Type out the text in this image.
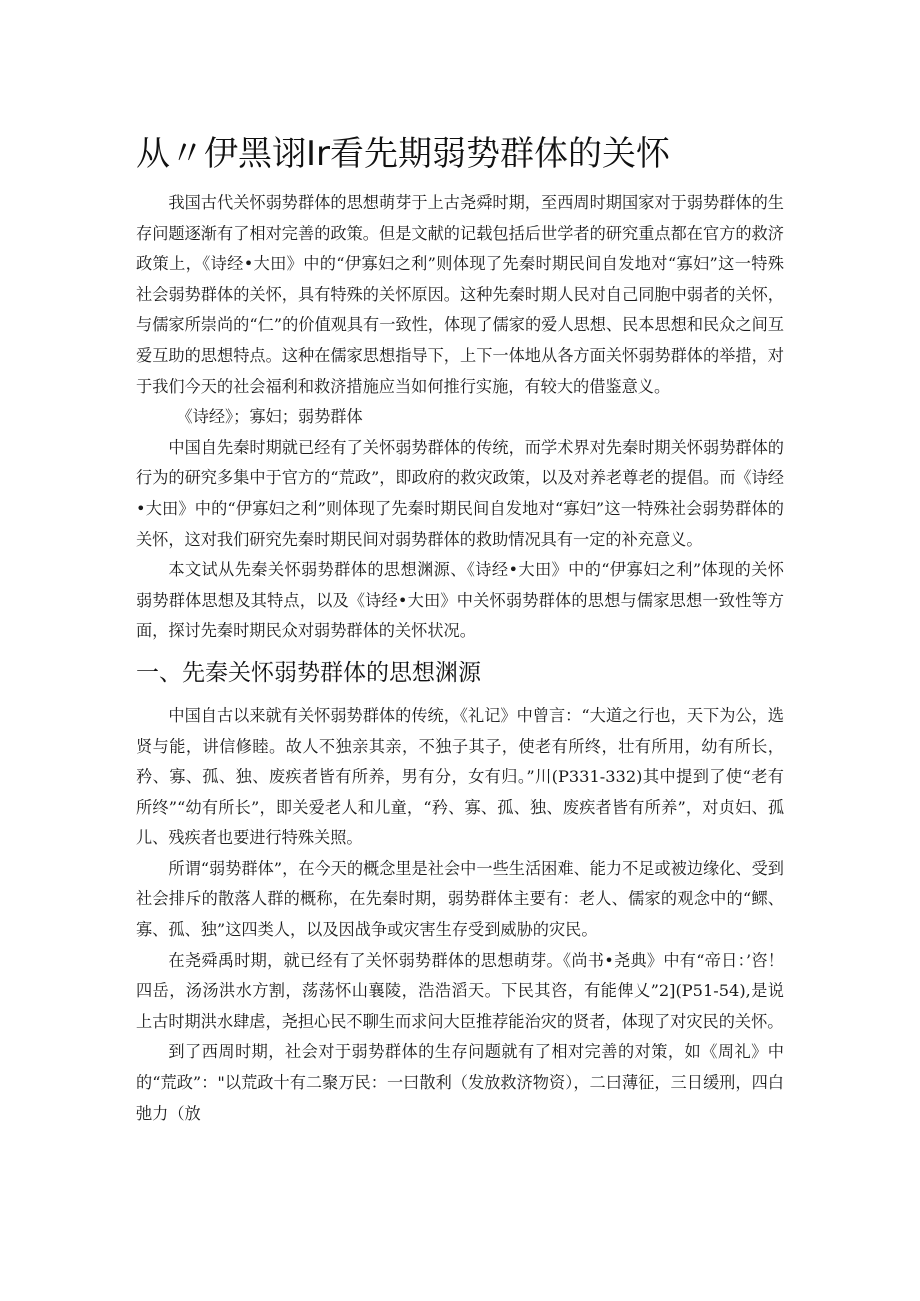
从〃伊黑诩Ir看先期弱势群体的关怀

我国古代关怀弱势群体的思想萌芽于上古尧舜时期，至西周时期国家对于弱势群体的生存问题逐渐有了相对完善的政策。但是文献的记载包括后世学者的研究重点都在官方的救济政策上，《诗经•大田》中的“伊寡妇之利”则体现了先秦时期民间自发地对“寡妇”这一特殊社会弱势群体的关怀，具有特殊的关怀原因。这种先秦时期人民对自己同胞中弱者的关怀，与儒家所崇尚的“仁”的价值观具有一致性，体现了儒家的爱人思想、民本思想和民众之间互爱互助的思想特点。这种在儒家思想指导下，上下一体地从各方面关怀弱势群体的举措，对于我们今天的社会福利和救济措施应当如何推行实施，有较大的借鉴意义。

《诗经》；寡妇；弱势群体

中国自先秦时期就已经有了关怀弱势群体的传统，而学术界对先秦时期关怀弱势群体的行为的研究多集中于官方的“荒政”，即政府的救灾政策，以及对养老尊老的提倡。而《诗经•大田》中的“伊寡妇之利”则体现了先秦时期民间自发地对“寡妇”这一特殊社会弱势群体的关怀，这对我们研究先秦时期民间对弱势群体的救助情况具有一定的补充意义。

本文试从先秦关怀弱势群体的思想渊源、《诗经•大田》中的“伊寡妇之利”体现的关怀弱势群体思想及其特点，以及《诗经•大田》中关怀弱势群体的思想与儒家思想一致性等方面，探讨先秦时期民众对弱势群体的关怀状况。

一、先秦关怀弱势群体的思想渊源

中国自古以来就有关怀弱势群体的传统，《礼记》中曾言：“大道之行也，天下为公，选贤与能，讲信修睦。故人不独亲其亲，不独子其子，使老有所终，壮有所用，幼有所长，矜、寡、孤、独、废疾者皆有所养，男有分，女有归。”川(P331-332)其中提到了使“老有所终”“幼有所长”，即关爱老人和儿童，“矜、寡、孤、独、废疾者皆有所养”，对贞妇、孤儿、残疾者也要进行特殊关照。

所谓“弱势群体”，在今天的概念里是社会中一些生活困难、能力不足或被边缘化、受到社会排斥的散落人群的概称，在先秦时期，弱势群体主要有：老人、儒家的观念中的“鳏、寡、孤、独”这四类人，以及因战争或灾害生存受到威胁的灾民。

在尧舜禹时期，就已经有了关怀弱势群体的思想萌芽。《尚书•尧典》中有“帝日：’咨！四岳，汤汤洪水方割，荡荡怀山襄陵，浩浩滔天。下民其咨，有能俾乂”2](P51-54),是说上古时期洪水肆虐，尧担心民不聊生而求问大臣推荐能治灾的贤者，体现了对灾民的关怀。

到了西周时期，社会对于弱势群体的生存问题就有了相对完善的对策，如《周礼》中的“荒政”："以荒政十有二聚万民：一曰散利（发放救济物资），二曰薄征，三日缓刑，四白弛力（放
